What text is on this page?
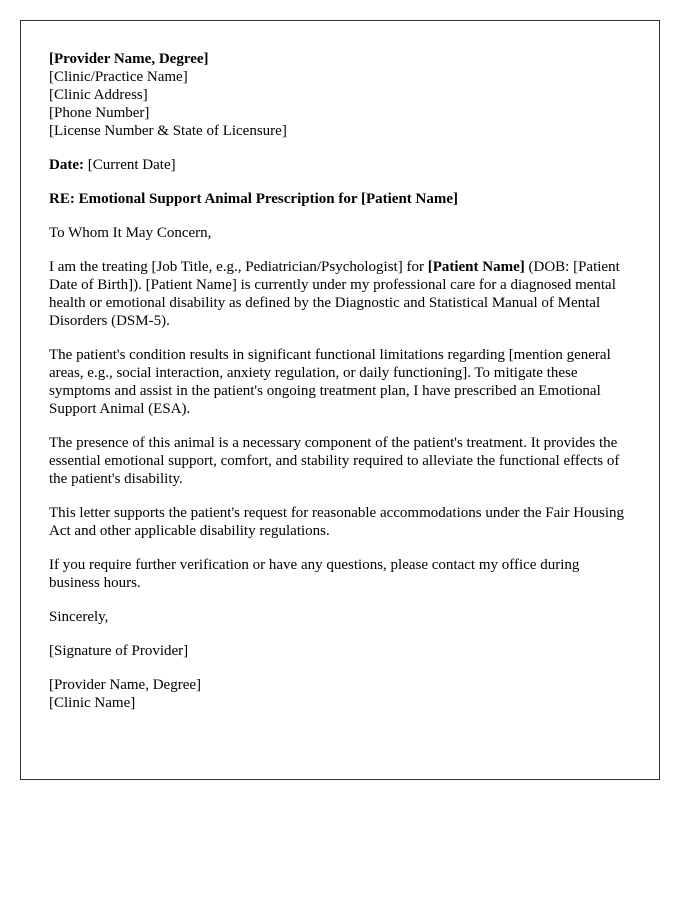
[Provider Name, Degree]
[Clinic/Practice Name]
[Clinic Address]
[Phone Number]
[License Number & State of Licensure]

Date: [Current Date]

RE: Emotional Support Animal Prescription for [Patient Name]

To Whom It May Concern,

I am the treating [Job Title, e.g., Pediatrician/Psychologist] for [Patient Name] (DOB: [Patient Date of Birth]). [Patient Name] is currently under my professional care for a diagnosed mental health or emotional disability as defined by the Diagnostic and Statistical Manual of Mental Disorders (DSM-5).

The patient's condition results in significant functional limitations regarding [mention general areas, e.g., social interaction, anxiety regulation, or daily functioning]. To mitigate these symptoms and assist in the patient's ongoing treatment plan, I have prescribed an Emotional Support Animal (ESA).

The presence of this animal is a necessary component of the patient's treatment. It provides the essential emotional support, comfort, and stability required to alleviate the functional effects of the patient's disability.

This letter supports the patient's request for reasonable accommodations under the Fair Housing Act and other applicable disability regulations.

If you require further verification or have any questions, please contact my office during business hours.

Sincerely,

[Signature of Provider]

[Provider Name, Degree]
[Clinic Name]
